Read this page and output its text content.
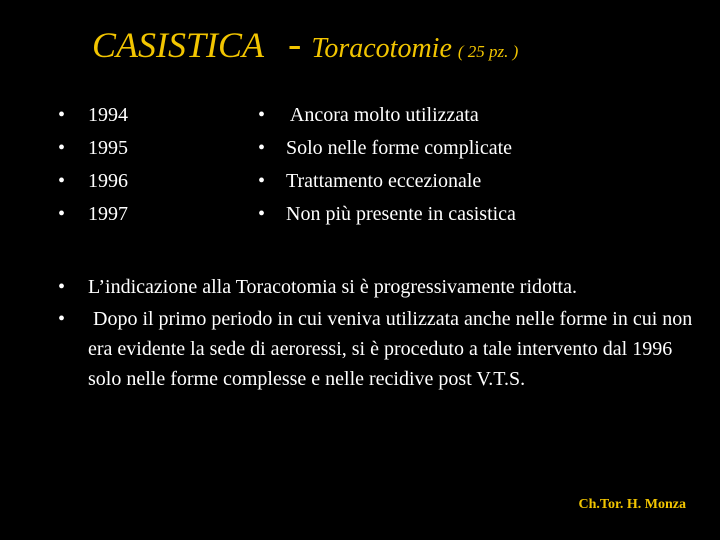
CASISTICA - Toracotomie ( 25 pz. )
• 1994
• 1995
• 1996
• 1997
• Ancora molto utilizzata
• Solo nelle forme complicate
• Trattamento eccezionale
• Non più presente in casistica
• L’indicazione alla Toracotomia si è progressivamente ridotta.
• Dopo il primo periodo in cui veniva utilizzata anche nelle forme in cui non era evidente la sede di aeroressi, si è proceduto a tale intervento dal 1996 solo nelle forme complesse e nelle recidive post V.T.S.
Ch.Tor. H. Monza
